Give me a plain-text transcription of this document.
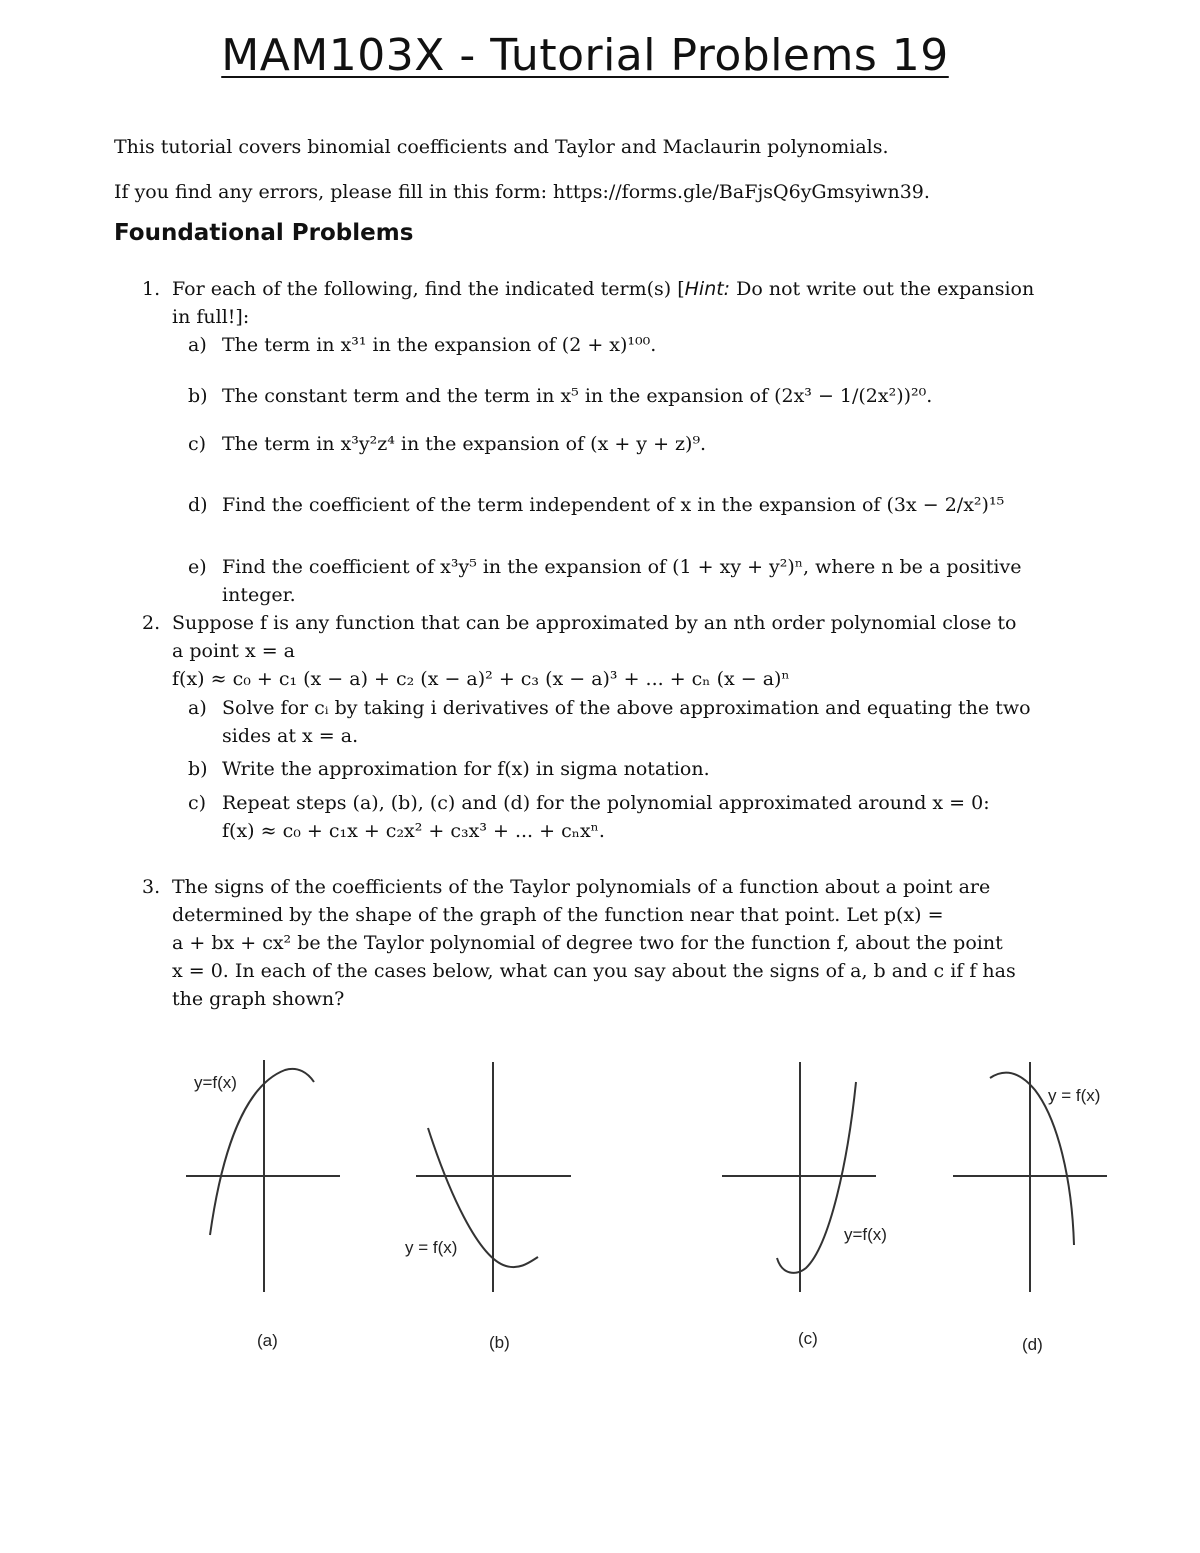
MAM103X - Tutorial Problems 19
This tutorial covers binomial coefficients and Taylor and Maclaurin polynomials.
If you find any errors, please fill in this form: https://forms.gle/BaFjsQ6yGmsyiwn39.
Foundational Problems
1. For each of the following, find the indicated term(s) [Hint: Do not write out the expansion
in full!]:
a) The term in x³¹ in the expansion of (2 + x)¹⁰⁰.
b) The constant term and the term in x⁵ in the expansion of (2x³ − 1/(2x²))²⁰.
c) The term in x³y²z⁴ in the expansion of (x + y + z)⁹.
d) Find the coefficient of the term independent of x in the expansion of (3x − 2/x²)¹⁵
e) Find the coefficient of x³y⁵ in the expansion of (1 + xy + y²)ⁿ, where n be a positive
integer.
2. Suppose f is any function that can be approximated by an nth order polynomial close to
a point x = a
f(x) ≈ c₀ + c₁ (x − a) + c₂ (x − a)² + c₃ (x − a)³ + ... + cₙ (x − a)ⁿ
a) Solve for cᵢ by taking i derivatives of the above approximation and equating the two
sides at x = a.
b) Write the approximation for f(x) in sigma notation.
c) Repeat steps (a), (b), (c) and (d) for the polynomial approximated around x = 0:
f(x) ≈ c₀ + c₁x + c₂x² + c₃x³ + ... + cₙxⁿ.
3. The signs of the coefficients of the Taylor polynomials of a function about a point are
determined by the shape of the graph of the function near that point. Let p(x) =
a + bx + cx² be the Taylor polynomial of degree two for the function f, about the point
x = 0. In each of the cases below, what can you say about the signs of a, b and c if f has
the graph shown?
y=f(x)
(a)
y = f(x)
(b)
y=f(x)
(c)
y = f(x)
(d)
